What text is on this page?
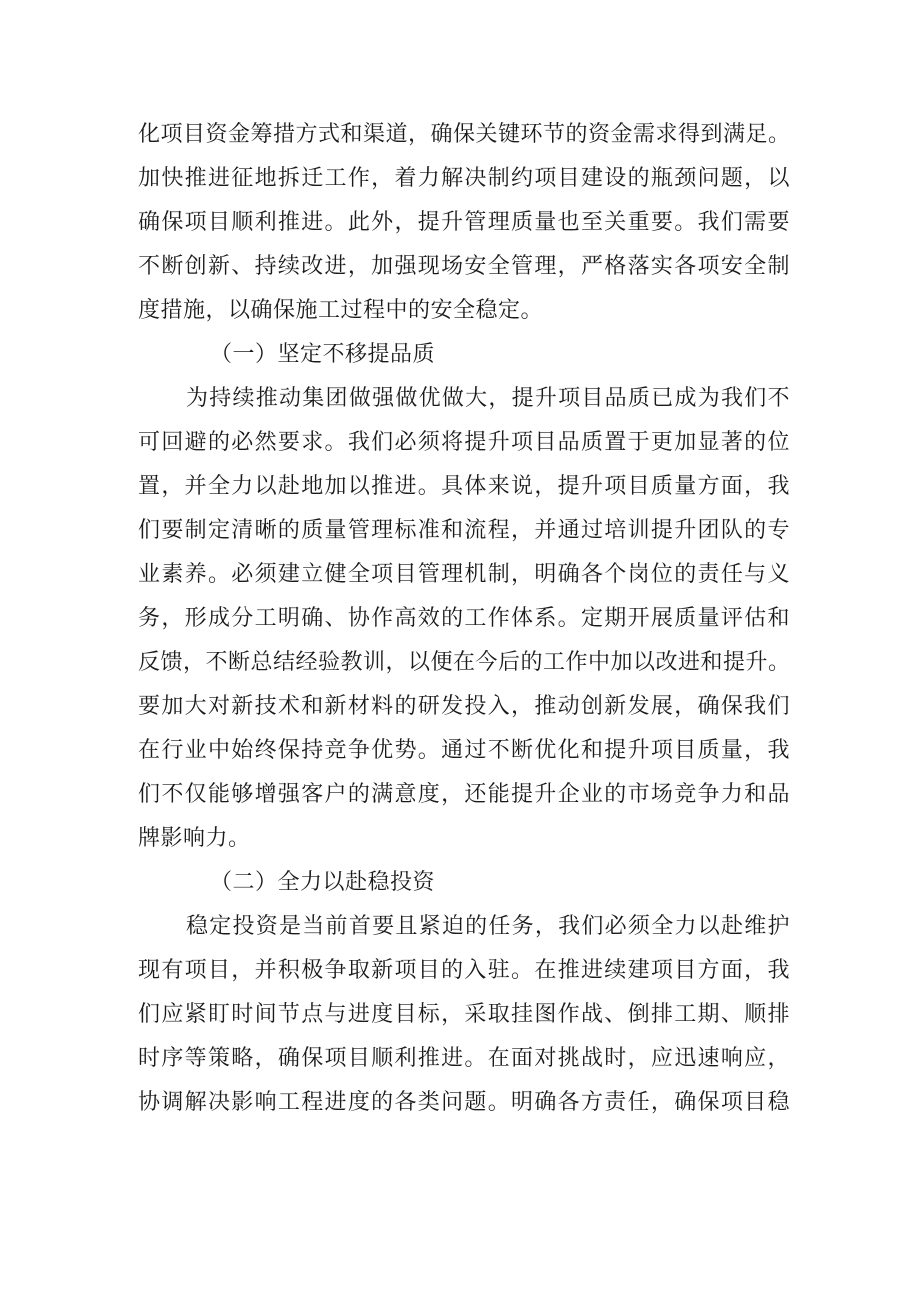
化项目资金筹措方式和渠道，确保关键环节的资金需求得到满足。
加快推进征地拆迁工作，着力解决制约项目建设的瓶颈问题，以
确保项目顺利推进。此外，提升管理质量也至关重要。我们需要
不断创新、持续改进，加强现场安全管理，严格落实各项安全制
度措施，以确保施工过程中的安全稳定。
（一）坚定不移提品质
为持续推动集团做强做优做大，提升项目品质已成为我们不
可回避的必然要求。我们必须将提升项目品质置于更加显著的位
置，并全力以赴地加以推进。具体来说，提升项目质量方面，我
们要制定清晰的质量管理标准和流程，并通过培训提升团队的专
业素养。必须建立健全项目管理机制，明确各个岗位的责任与义
务，形成分工明确、协作高效的工作体系。定期开展质量评估和
反馈，不断总结经验教训，以便在今后的工作中加以改进和提升。
要加大对新技术和新材料的研发投入，推动创新发展，确保我们
在行业中始终保持竞争优势。通过不断优化和提升项目质量，我
们不仅能够增强客户的满意度，还能提升企业的市场竞争力和品
牌影响力。
（二）全力以赴稳投资
稳定投资是当前首要且紧迫的任务，我们必须全力以赴维护
现有项目，并积极争取新项目的入驻。在推进续建项目方面，我
们应紧盯时间节点与进度目标，采取挂图作战、倒排工期、顺排
时序等策略，确保项目顺利推进。在面对挑战时，应迅速响应，
协调解决影响工程进度的各类问题。明确各方责任，确保项目稳
